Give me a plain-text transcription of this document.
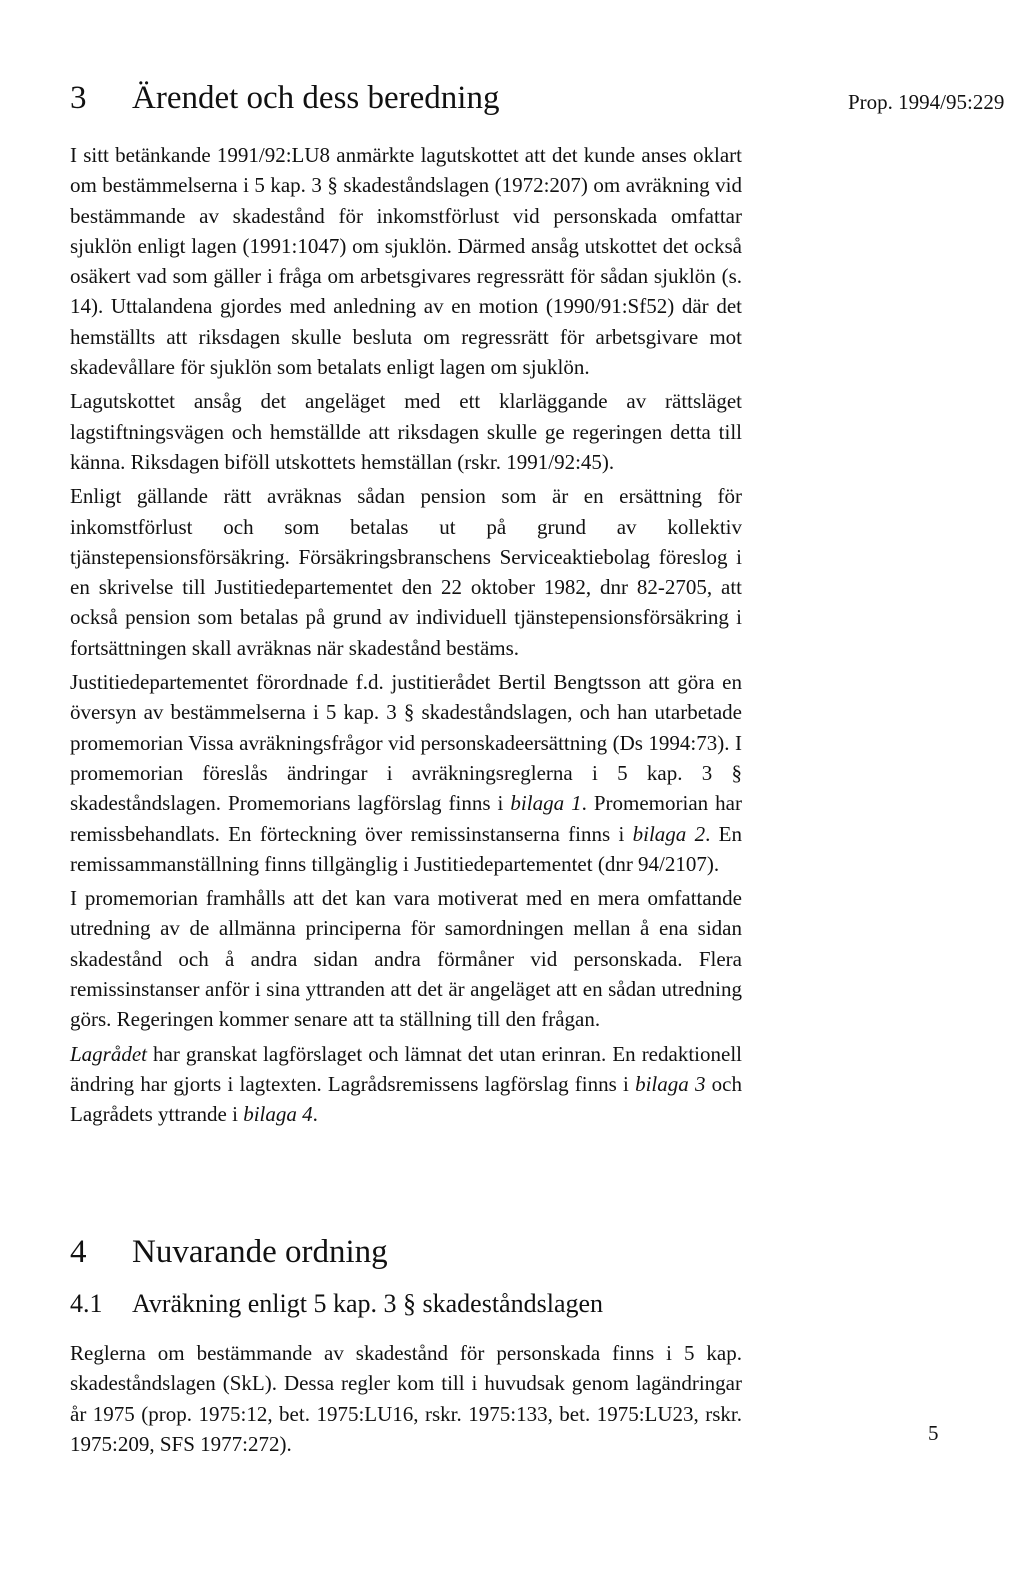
3 Ärendet och dess beredning	Prop. 1994/95:229

I sitt betänkande 1991/92:LU8 anmärkte lagutskottet att det kunde anses oklart om bestämmelserna i 5 kap. 3 § skadeståndslagen (1972:207) om avräkning vid bestämmande av skadestånd för inkomstförlust vid personskada omfattar sjuklön enligt lagen (1991:1047) om sjuklön. Därmed ansåg utskottet det också osäkert vad som gäller i fråga om arbetsgivares regressrätt för sådan sjuklön (s. 14). Uttalandena gjordes med anledning av en motion (1990/91:Sf52) där det hemställts att riksdagen skulle besluta om regressrätt för arbetsgivare mot skadevållare för sjuklön som betalats enligt lagen om sjuklön.

Lagutskottet ansåg det angeläget med ett klarläggande av rättsläget lagstiftningsvägen och hemställde att riksdagen skulle ge regeringen detta till känna. Riksdagen biföll utskottets hemställan (rskr. 1991/92:45).

Enligt gällande rätt avräknas sådan pension som är en ersättning för inkomstförlust och som betalas ut på grund av kollektiv tjänstepensionsförsäkring. Försäkringsbranschens Serviceaktiebolag föreslog i en skrivelse till Justitiedepartementet den 22 oktober 1982, dnr 82-2705, att också pension som betalas på grund av individuell tjänstepensionsförsäkring i fortsättningen skall avräknas när skadestånd bestäms.

Justitiedepartementet förordnade f.d. justitierådet Bertil Bengtsson att göra en översyn av bestämmelserna i 5 kap. 3 § skadeståndslagen, och han utarbetade promemorian Vissa avräkningsfrågor vid personskadeersättning (Ds 1994:73). I promemorian föreslås ändringar i avräkningsreglerna i 5 kap. 3 § skadeståndslagen. Promemorians lagförslag finns i bilaga 1. Promemorian har remissbehandlats. En förteckning över remissinstanserna finns i bilaga 2. En remissammanställning finns tillgänglig i Justitiedepartementet (dnr 94/2107).

I promemorian framhålls att det kan vara motiverat med en mera omfattande utredning av de allmänna principerna för samordningen mellan å ena sidan skadestånd och å andra sidan andra förmåner vid personskada. Flera remissinstanser anför i sina yttranden att det är angeläget att en sådan utredning görs. Regeringen kommer senare att ta ställning till den frågan.

Lagrådet har granskat lagförslaget och lämnat det utan erinran. En redaktionell ändring har gjorts i lagtexten. Lagrådsremissens lagförslag finns i bilaga 3 och Lagrådets yttrande i bilaga 4.

4 Nuvarande ordning
4.1 Avräkning enligt 5 kap. 3 § skadeståndslagen

Reglerna om bestämmande av skadestånd för personskada finns i 5 kap. skadeståndslagen (SkL). Dessa regler kom till i huvudsak genom lagändringar år 1975 (prop. 1975:12, bet. 1975:LU16, rskr. 1975:133, bet. 1975:LU23, rskr. 1975:209, SFS 1977:272).	5
